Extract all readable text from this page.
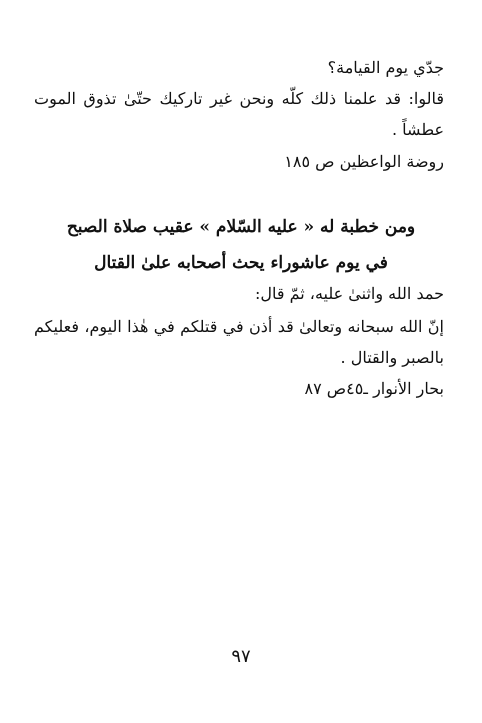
جدّي يوم القيامة؟
قالوا: قد علمنا ذلك كلّه ونحن غير تاركيك حتّىٰ تذوق الموت
عطشاً .
روضة الواعظين ص ١٨٥
ومن خطبة له « عليه السّلام » عقيب صلاة الصبح
في يوم عاشوراء يحث أصحابه علىٰ القتال
حمد الله واثنىٰ عليه، ثمّ قال:
إنّ الله سبحانه وتعالىٰ قد أذن في قتلكم في هٰذا اليوم، فعليكم
بالصبر والقتال .
بحار الأنوار ـ٤٥ص ٨٧
٩٧
